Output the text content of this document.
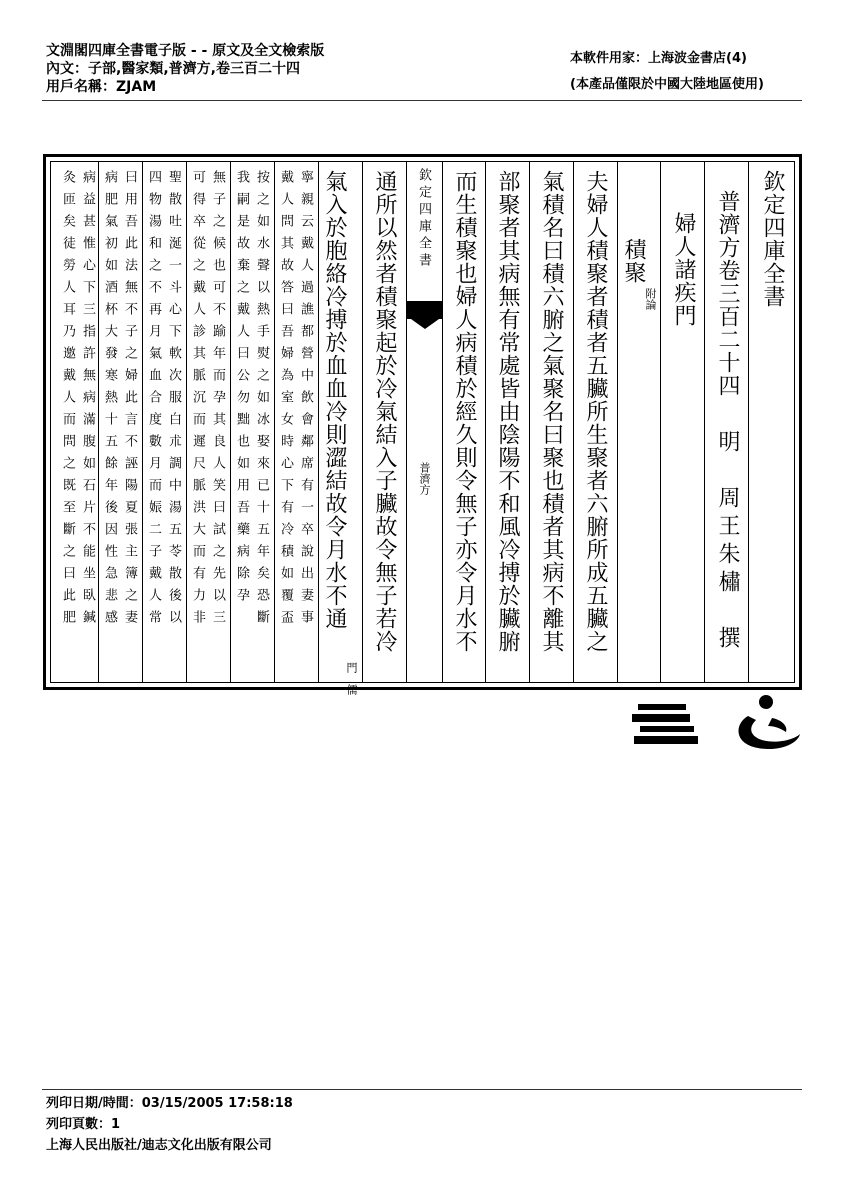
文淵閣四庫全書電子版 - - 原文及全文檢索版
內文：子部,醫家類,普濟方,卷三百二十四
用戶名稱：ZJAM
本軟件用家：上海波金書店(4)
(本產品僅限於中國大陸地區使用)
欽定四庫全書
普濟方卷三百二十四
明　周王朱橚　撰
婦人諸疾門
積聚
附論
夫婦人積聚者積者五臟所生聚者六腑所成五臟之
氣積名曰積六腑之氣聚名曰聚也積者其病不離其
部聚者其病無有常處皆由陰陽不和風冷搏於臟腑
而生積聚也婦人病積於經久則令無子亦令月水不
欽定四庫全書
普濟方
通所以然者積聚起於冷氣結入子臟故令無子若冷
氣入於胞絡冷搏於血血冷則澀結故令月水不通
門　儒
寧親云戴人過譙都營中飲會鄰席有一卒說出妻事
戴人問其故答曰吾婦為室女時心下有冷積如覆盃
按之如水聲以熱手熨之如冰娶來已十五年矣恐斷
我嗣是故棄之戴人曰公勿黜也如用吾藥病除孕
無子之候也可不踰年而孕其良人笑曰試之先以三
可得卒從之戴人診其脈沉而遲尺脈洪大而有力非
聖散吐涎一斗心下軟次服白朮調中湯五苓散後以
四物湯和之不再月氣血合度數月而娠二子戴人常
曰用吾此法無不子之婦此言不誣陽夏張主簿之妻
病肥氣初如酒杯大發寒熱十五餘年後因性急悲感
病益甚惟心下三指許無病滿腹如石片不能坐臥鍼
灸匝矣徒勞人耳乃邀戴人而問之既至斷之曰此肥
列印日期/時間：03/15/2005 17:58:18
列印頁數：1
上海人民出版社/迪志文化出版有限公司
